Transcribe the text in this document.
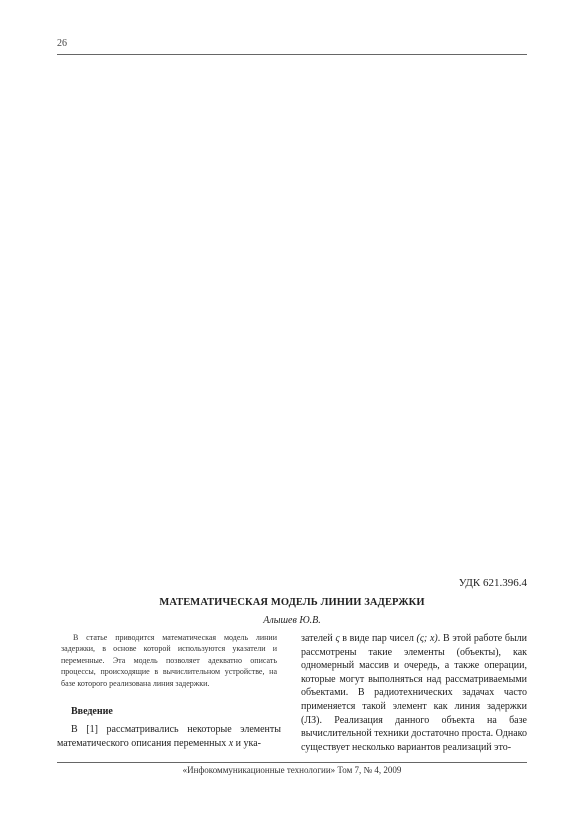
26
УДК 621.396.4
МАТЕМАТИЧЕСКАЯ МОДЕЛЬ ЛИНИИ ЗАДЕРЖКИ
Алышев Ю.В.
В статье приводится математическая модель линии задержки, в основе которой используются указатели и переменные. Эта модель позволяет адекватно описать процессы, происходящие в вычислительном устройстве, на базе которого реализована линия задержки.
Введение
В [1] рассматривались некоторые элементы математического описания переменных x и ука-
зателей ς в виде пар чисел (ς; x). В этой работе были рассмотрены такие элементы (объекты), как одномерный массив и очередь, а также операции, которые могут выполняться над рассматриваемыми объектами. В радиотехнических задачах часто применяется такой элемент как линия задержки (ЛЗ). Реализация данного объекта на базе вычислительной техники достаточно проста. Однако существует несколько вариантов реализаций это-
«Инфокоммуникационные технологии» Том 7, № 4, 2009
